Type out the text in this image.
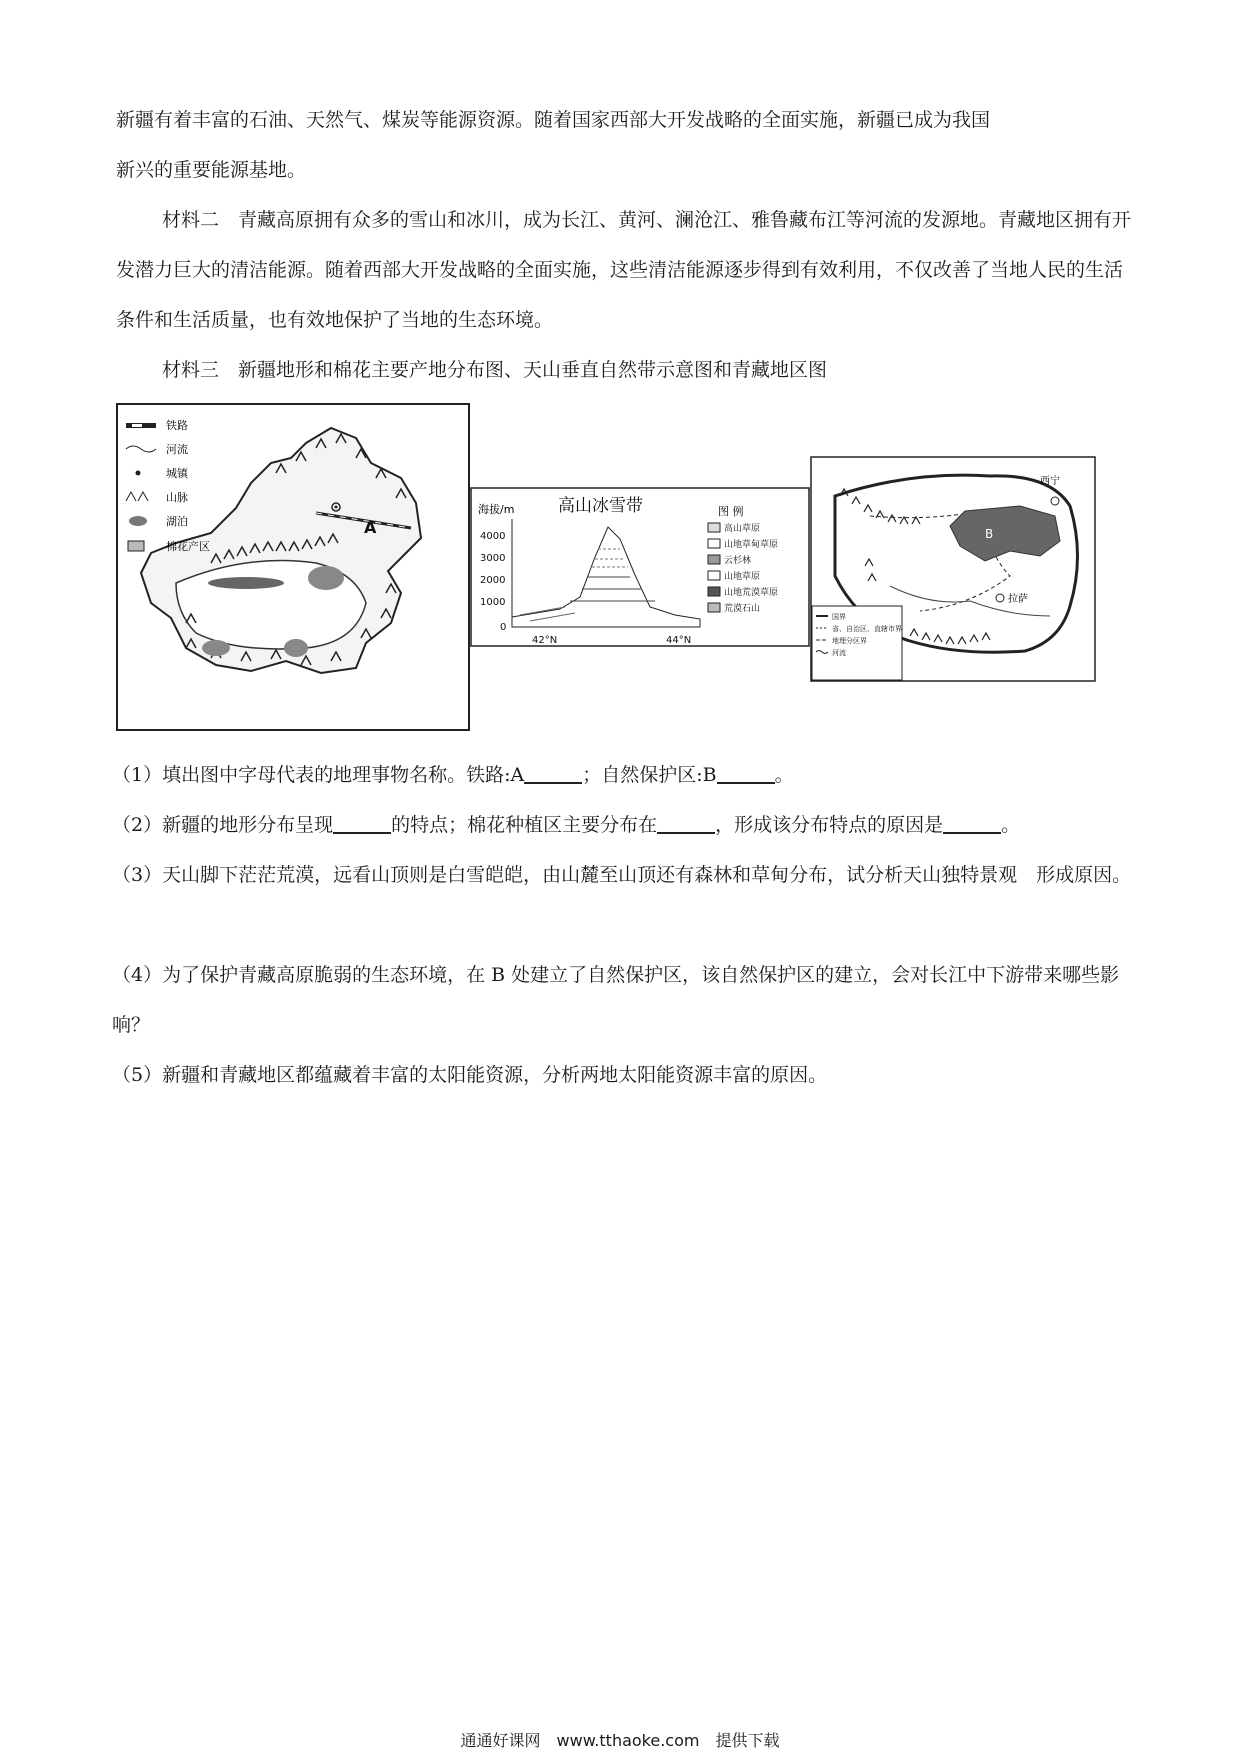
新疆有着丰富的石油、天然气、煤炭等能源资源。随着国家西部大开发战略的全面实施，新疆已成为我国

新兴的重要能源基地。

材料二　青藏高原拥有众多的雪山和冰川，成为长江、黄河、澜沧江、雅鲁藏布江等河流的发源地。青藏地区拥有开发潜力巨大的清洁能源。随着西部大开发战略的全面实施，这些清洁能源逐步得到有效利用，不仅改善了当地人民的生活条件和生活质量，也有效地保护了当地的生态环境。

材料三　新疆地形和棉花主要产地分布图、天山垂直自然带示意图和青藏地区图

A
铁路
河流
城镇
山脉
湖泊
棉花产区
高山冰雪带
海拔/m
4000
3000
2000
1000
0
42°N	44°N
图 例
高山草原
山地草甸草原
云杉林
山地草原
山地荒漠草原
荒漠石山
B
西宁
拉萨
国界
省、自治区、直辖市界
地理分区界
河流

（1）填出图中字母代表的地理事物名称。铁路:A	；自然保护区:B	。

（2）新疆的地形分布呈现	的特点；棉花种植区主要分布在	，形成该分布特点的原因是	。

（3）天山脚下茫茫荒漠，远看山顶则是白雪皑皑，由山麓至山顶还有森林和草甸分布，试分析天山独特景观　形成原因。

（4）为了保护青藏高原脆弱的生态环境，在 B 处建立了自然保护区，该自然保护区的建立，会对长江中下游带来哪些影响？

（5）新疆和青藏地区都蕴藏着丰富的太阳能资源，分析两地太阳能资源丰富的原因。

通通好课网　www.tthaoke.com　提供下载
